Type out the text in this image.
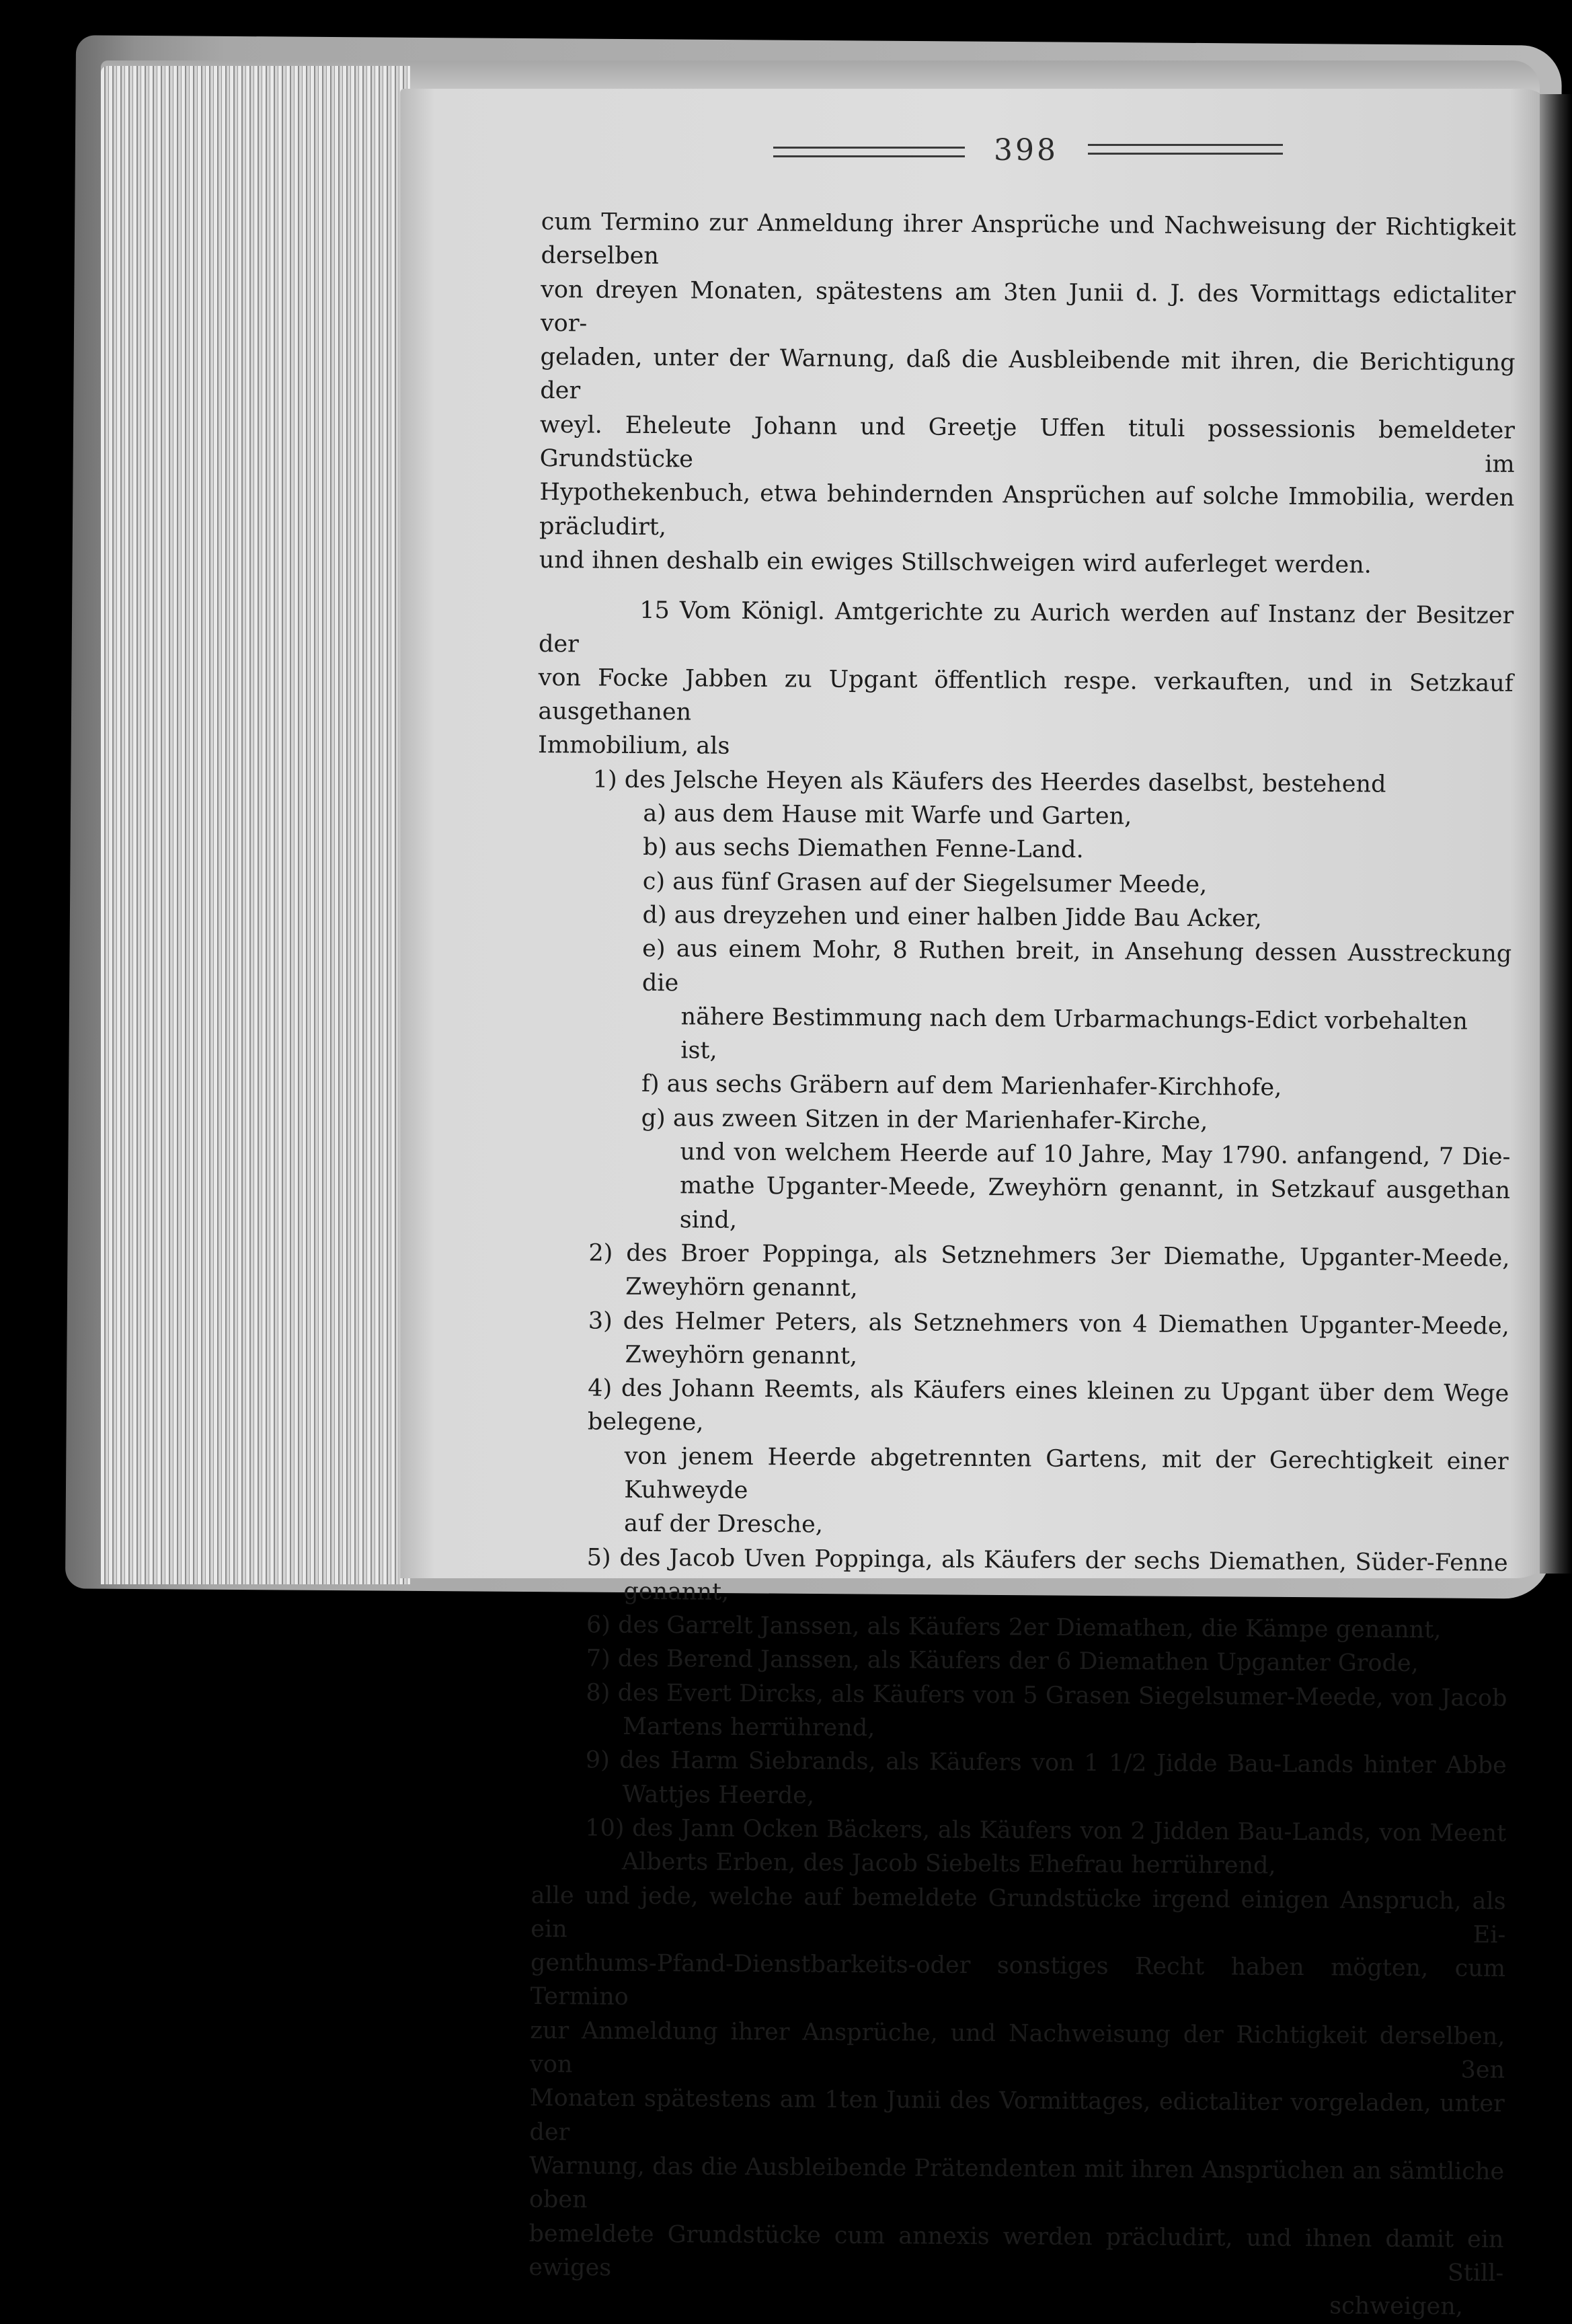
398

cum Termino zur Anmeldung ihrer Ansprüche und Nachweisung der Richtigkeit derselben

von dreyen Monaten, spätestens am 3ten Junii d. J. des Vormittags edictaliter vor-

geladen, unter der Warnung, daß die Ausbleibende mit ihren, die Berichtigung der

weyl. Eheleute Johann und Greetje Uffen tituli possessionis bemeldeter Grundstücke im

Hypothekenbuch, etwa behindernden Ansprüchen auf solche Immobilia, werden präcludirt,

und ihnen deshalb ein ewiges Stillschweigen wird auferleget werden.

15 Vom Königl. Amtgerichte zu Aurich werden auf Instanz der Besitzer der

von Focke Jabben zu Upgant öffentlich respe. verkauften, und in Setzkauf ausgethanen

Immobilium, als

1) des Jelsche Heyen als Käufers des Heerdes daselbst, bestehend

a) aus dem Hause mit Warfe und Garten,

b) aus sechs Diemathen Fenne-Land.

c) aus fünf Grasen auf der Siegelsumer Meede,

d) aus dreyzehen und einer halben Jidde Bau Acker,

e) aus einem Mohr, 8 Ruthen breit, in Ansehung dessen Ausstreckung die

nähere Bestimmung nach dem Urbarmachungs-Edict vorbehalten ist,

f) aus sechs Gräbern auf dem Marienhafer-Kirchhofe,

g) aus zween Sitzen in der Marienhafer-Kirche,

und von welchem Heerde auf 10 Jahre, May 1790. anfangend, 7 Die-

mathe Upganter-Meede, Zweyhörn genannt, in Setzkauf ausgethan sind,

2) des Broer Poppinga, als Setznehmers 3er Diemathe, Upganter-Meede,

Zweyhörn genannt,

3) des Helmer Peters, als Setznehmers von 4 Diemathen Upganter-Meede,

Zweyhörn genannt,

4) des Johann Reemts, als Käufers eines kleinen zu Upgant über dem Wege belegene,

von jenem Heerde abgetrennten Gartens, mit der Gerechtigkeit einer Kuhweyde

auf der Dresche,

5) des Jacob Uven Poppinga, als Käufers der sechs Diemathen, Süder-Fenne

genannt,

6) des Garrelt Janssen, als Käufers 2er Diemathen, die Kämpe genannt,

7) des Berend Janssen, als Käufers der 6 Diemathen Upganter Grode,

8) des Evert Dircks, als Käufers von 5 Grasen Siegelsumer-Meede, von Jacob

Martens herrührend,

9) des Harm Siebrands, als Käufers von 1 1/2 Jidde Bau-Lands hinter Abbe

Wattjes Heerde,

10) des Jann Ocken Bäckers, als Käufers von 2 Jidden Bau-Lands, von Meent

Alberts Erben, des Jacob Siebelts Ehefrau herrührend,

alle und jede, welche auf bemeldete Grundstücke irgend einigen Anspruch, als ein Ei-

genthums-Pfand-Dienstbarkeits-oder sonstiges Recht haben mögten, cum Termino

zur Anmeldung ihrer Ansprüche, und Nachweisung der Richtigkeit derselben, von 3en

Monaten spätestens am 1ten Junii des Vormittages, edictaliter vorgeladen, unter der

Warnung, das die Ausbleibende Prätendenten mit ihren Ansprüchen an sämtliche oben

bemeldete Grundstücke cum annexis werden präcludirt, und ihnen damit ein ewiges Still-

schweigen,
